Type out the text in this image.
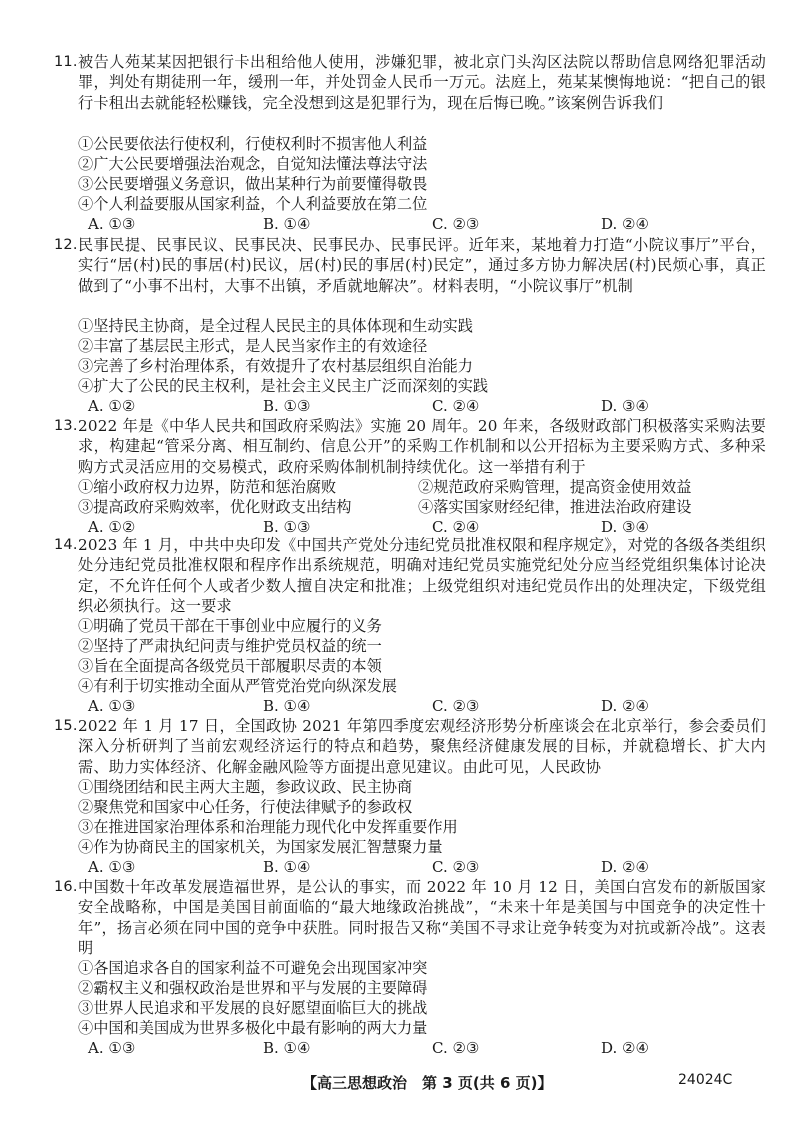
11. 被告人苑某某因把银行卡出租给他人使用，涉嫌犯罪，被北京门头沟区法院以帮助信息网络犯罪活动罪，判处有期徒刑一年，缓刑一年，并处罚金人民币一万元。法庭上，苑某某懊悔地说：“把自己的银行卡租出去就能轻松赚钱，完全没想到这是犯罪行为，现在后悔已晚。”该案例告诉我们

①公民要依法行使权利，行使权利时不损害他人利益
②广大公民要增强法治观念，自觉知法懂法尊法守法
③公民要增强义务意识，做出某种行为前要懂得敬畏
④个人利益要服从国家利益，个人利益要放在第二位
A. ①③	B. ①④	C. ②③	D. ②④

12. 民事民提、民事民议、民事民决、民事民办、民事民评。近年来，某地着力打造“小院议事厅”平台，实行“居(村)民的事居(村)民议，居(村)民的事居(村)民定”，通过多方协力解决居(村)民烦心事，真正做到了“小事不出村，大事不出镇，矛盾就地解决”。材料表明，“小院议事厅”机制

①坚持民主协商，是全过程人民民主的具体体现和生动实践
②丰富了基层民主形式，是人民当家作主的有效途径
③完善了乡村治理体系，有效提升了农村基层组织自治能力
④扩大了公民的民主权利，是社会主义民主广泛而深刻的实践
A. ①②	B. ①③	C. ②④	D. ③④

13. 2022 年是《中华人民共和国政府采购法》实施 20 周年。20 年来，各级财政部门积极落实采购法要求，构建起“管采分离、相互制约、信息公开”的采购工作机制和以公开招标为主要采购方式、多种采购方式灵活应用的交易模式，政府采购体制机制持续优化。这一举措有利于

①缩小政府权力边界，防范和惩治腐败	②规范政府采购管理，提高资金使用效益
③提高政府采购效率，优化财政支出结构	④落实国家财经纪律，推进法治政府建设
A. ①②	B. ①③	C. ②④	D. ③④

14. 2023 年 1 月，中共中央印发《中国共产党处分违纪党员批准权限和程序规定》，对党的各级各类组织处分违纪党员批准权限和程序作出系统规范，明确对违纪党员实施党纪处分应当经党组织集体讨论决定，不允许任何个人或者少数人擅自决定和批准；上级党组织对违纪党员作出的处理决定，下级党组织必须执行。这一要求

①明确了党员干部在干事创业中应履行的义务
②坚持了严肃执纪问责与维护党员权益的统一
③旨在全面提高各级党员干部履职尽责的本领
④有利于切实推动全面从严管党治党向纵深发展
A. ①③	B. ①④	C. ②③	D. ②④

15. 2022 年 1 月 17 日，全国政协 2021 年第四季度宏观经济形势分析座谈会在北京举行，参会委员们深入分析研判了当前宏观经济运行的特点和趋势，聚焦经济健康发展的目标，并就稳增长、扩大内需、助力实体经济、化解金融风险等方面提出意见建议。由此可见，人民政协

①围绕团结和民主两大主题，参政议政、民主协商
②聚焦党和国家中心任务，行使法律赋予的参政权
③在推进国家治理体系和治理能力现代化中发挥重要作用
④作为协商民主的国家机关，为国家发展汇智慧聚力量
A. ①③	B. ①④	C. ②③	D. ②④

16. 中国数十年改革发展造福世界，是公认的事实，而 2022 年 10 月 12 日，美国白宫发布的新版国家安全战略称，中国是美国目前面临的“最大地缘政治挑战”，“未来十年是美国与中国竞争的决定性十年”，扬言必须在同中国的竞争中获胜。同时报告又称“美国不寻求让竞争转变为对抗或新冷战”。这表明

①各国追求各自的国家利益不可避免会出现国家冲突
②霸权主义和强权政治是世界和平与发展的主要障碍
③世界人民追求和平发展的良好愿望面临巨大的挑战
④中国和美国成为世界多极化中最有影响的两大力量
A. ①③	B. ①④	C. ②③	D. ②④
【高三思想政治　第 3 页(共 6 页)】	24024C
